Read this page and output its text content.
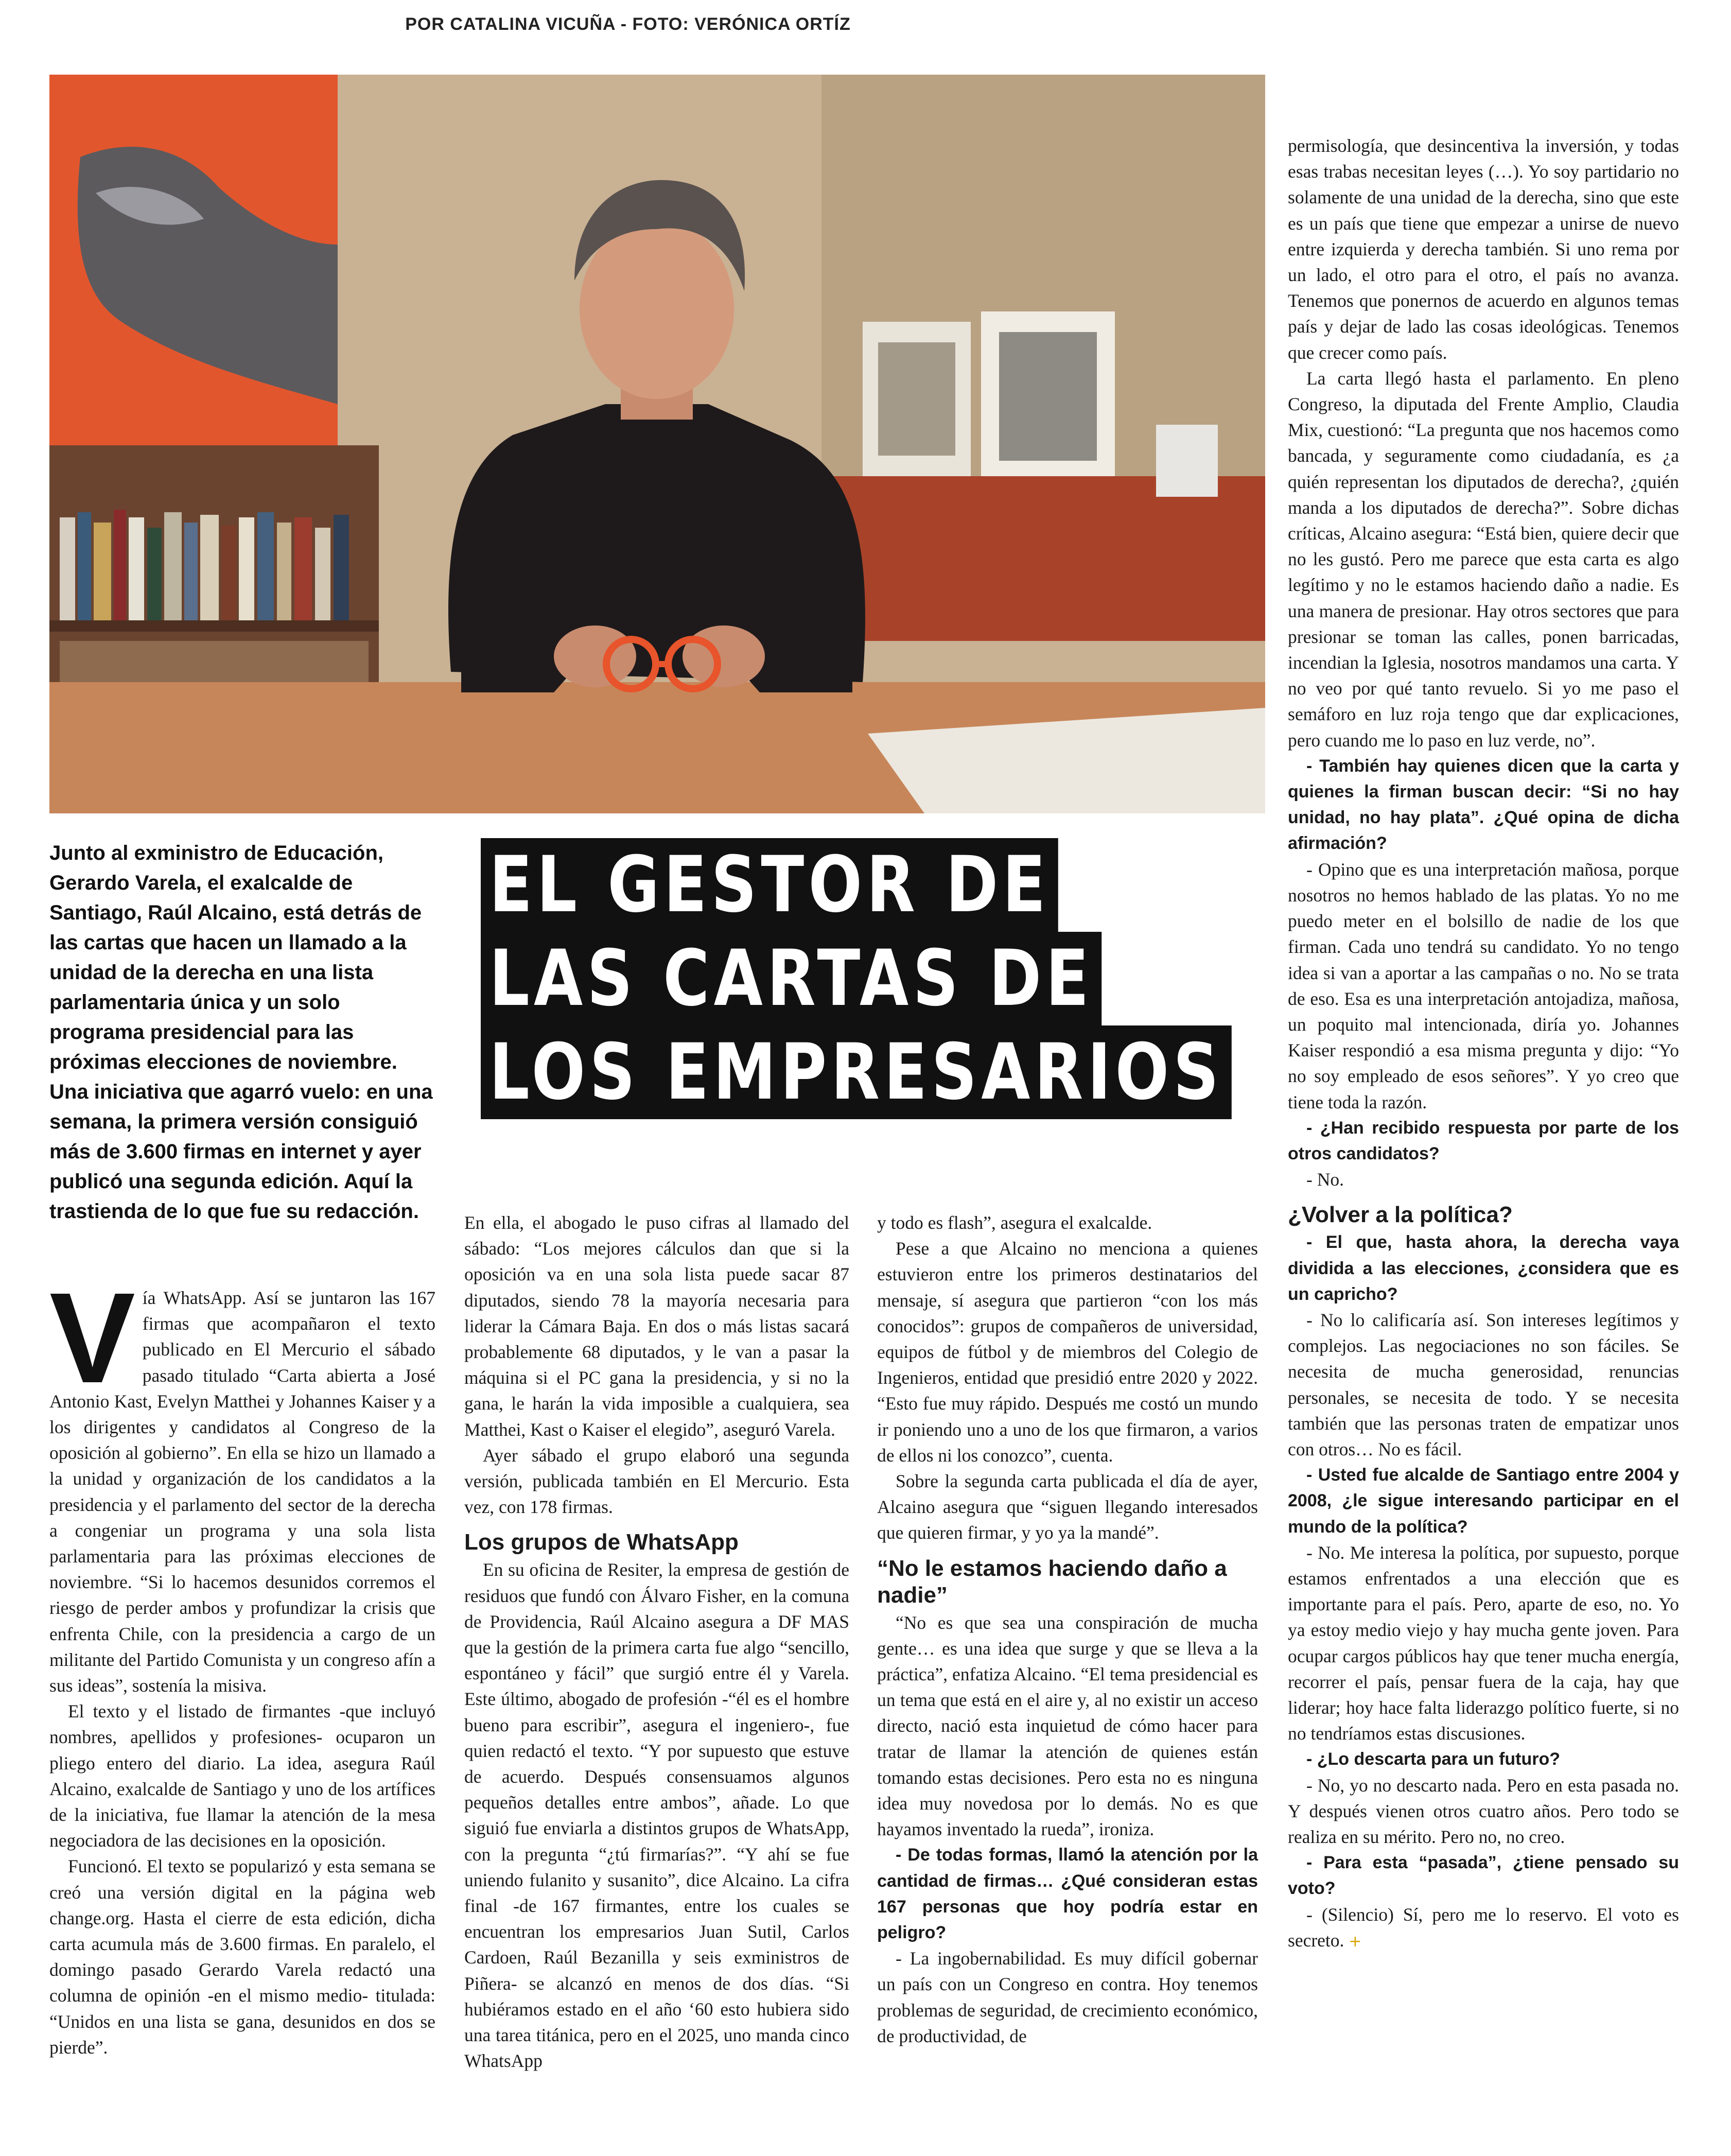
POR CATALINA VICUÑA - FOTO: VERÓNICA ORTÍZ
Junto al exministro de Educación, Gerardo Varela, el exalcalde de Santiago, Raúl Alcaino, está detrás de las cartas que hacen un llamado a la unidad de la derecha en una lista parlamentaria única y un solo programa presidencial para las próximas elecciones de noviembre. Una iniciativa que agarró vuelo: en una semana, la primera versión consiguió más de 3.600 firmas en internet y ayer publicó una segunda edición. Aquí la trastienda de lo que fue su redacción.
EL GESTOR DE
LAS CARTAS DE
LOS EMPRESARIOS
V ía WhatsApp. Así se juntaron las 167 firmas que acompañaron el texto publicado en El Mercurio el sábado pasado titulado “Carta abierta a José Antonio Kast, Evelyn Matthei y Johannes Kaiser y a los dirigentes y candidatos al Congreso de la oposición al gobierno”. En ella se hizo un llamado a la unidad y organización de los candidatos a la presidencia y el parlamento del sector de la derecha a congeniar un programa y una sola lista parlamentaria para las próximas elecciones de noviembre. “Si lo hacemos desunidos corremos el riesgo de perder ambos y profundizar la crisis que enfrenta Chile, con la presidencia a cargo de un militante del Partido Comunista y un congreso afín a sus ideas”, sostenía la misiva.

El texto y el listado de firmantes -que incluyó nombres, apellidos y profesiones- ocuparon un pliego entero del diario. La idea, asegura Raúl Alcaino, exalcalde de Santiago y uno de los artífices de la iniciativa, fue llamar la atención de la mesa negociadora de las decisiones en la oposición.

Funcionó. El texto se popularizó y esta semana se creó una versión digital en la página web change.org. Hasta el cierre de esta edición, dicha carta acumula más de 3.600 firmas. En paralelo, el domingo pasado Gerardo Varela redactó una columna de opinión -en el mismo medio- titulada: “Unidos en una lista se gana, desunidos en dos se pierde”.

En ella, el abogado le puso cifras al llamado del sábado: “Los mejores cálculos dan que si la oposición va en una sola lista puede sacar 87 diputados, siendo 78 la mayoría necesaria para liderar la Cámara Baja. En dos o más listas sacará probablemente 68 diputados, y le van a pasar la máquina si el PC gana la presidencia, y si no la gana, le harán la vida imposible a cualquiera, sea Matthei, Kast o Kaiser el elegido”, aseguró Varela.

Ayer sábado el grupo elaboró una segunda versión, publicada también en El Mercurio. Esta vez, con 178 firmas.

Los grupos de WhatsApp

En su oficina de Resiter, la empresa de gestión de residuos que fundó con Álvaro Fisher, en la comuna de Providencia, Raúl Alcaino asegura a DF MAS que la gestión de la primera carta fue algo “sencillo, espontáneo y fácil” que surgió entre él y Varela. Este último, abogado de profesión -“él es el hombre bueno para escribir”, asegura el ingeniero-, fue quien redactó el texto. “Y por supuesto que estuve de acuerdo. Después consensuamos algunos pequeños detalles entre ambos”, añade. Lo que siguió fue enviarla a distintos grupos de WhatsApp, con la pregunta “¿tú firmarías?”. “Y ahí se fue uniendo fulanito y susanito”, dice Alcaino. La cifra final -de 167 firmantes, entre los cuales se encuentran los empresarios Juan Sutil, Carlos Cardoen, Raúl Bezanilla y seis exministros de Piñera- se alcanzó en menos de dos días. “Si hubiéramos estado en el año ‘60 esto hubiera sido una tarea titánica, pero en el 2025, uno manda cinco WhatsApp

y todo es flash”, asegura el exalcalde.

Pese a que Alcaino no menciona a quienes estuvieron entre los primeros destinatarios del mensaje, sí asegura que partieron “con los más conocidos”: grupos de compañeros de universidad, equipos de fútbol y de miembros del Colegio de Ingenieros, entidad que presidió entre 2020 y 2022. “Esto fue muy rápido. Después me costó un mundo ir poniendo uno a uno de los que firmaron, a varios de ellos ni los conozco”, cuenta.

Sobre la segunda carta publicada el día de ayer, Alcaino asegura que “siguen llegando interesados que quieren firmar, y yo ya la mandé”.

“No le estamos haciendo daño a nadie”

“No es que sea una conspiración de mucha gente… es una idea que surge y que se lleva a la práctica”, enfatiza Alcaino. “El tema presidencial es un tema que está en el aire y, al no existir un acceso directo, nació esta inquietud de cómo hacer para tratar de llamar la atención de quienes están tomando estas decisiones. Pero esta no es ninguna idea muy novedosa por lo demás. No es que hayamos inventado la rueda”, ironiza.

- De todas formas, llamó la atención por la cantidad de firmas… ¿Qué consideran estas 167 personas que hoy podría estar en peligro?

- La ingobernabilidad. Es muy difícil gobernar un país con un Congreso en contra. Hoy tenemos problemas de seguridad, de crecimiento económico, de productividad, de

permisología, que desincentiva la inversión, y todas esas trabas necesitan leyes (…). Yo soy partidario no solamente de una unidad de la derecha, sino que este es un país que tiene que empezar a unirse de nuevo entre izquierda y derecha también. Si uno rema por un lado, el otro para el otro, el país no avanza. Tenemos que ponernos de acuerdo en algunos temas país y dejar de lado las cosas ideológicas. Tenemos que crecer como país.

La carta llegó hasta el parlamento. En pleno Congreso, la diputada del Frente Amplio, Claudia Mix, cuestionó: “La pregunta que nos hacemos como bancada, y seguramente como ciudadanía, es ¿a quién representan los diputados de derecha?, ¿quién manda a los diputados de derecha?”. Sobre dichas críticas, Alcaino asegura: “Está bien, quiere decir que no les gustó. Pero me parece que esta carta es algo legítimo y no le estamos haciendo daño a nadie. Es una manera de presionar. Hay otros sectores que para presionar se toman las calles, ponen barricadas, incendian la Iglesia, nosotros mandamos una carta. Y no veo por qué tanto revuelo. Si yo me paso el semáforo en luz roja tengo que dar explicaciones, pero cuando me lo paso en luz verde, no”.

- También hay quienes dicen que la carta y quienes la firman buscan decir: “Si no hay unidad, no hay plata”. ¿Qué opina de dicha afirmación?

- Opino que es una interpretación mañosa, porque nosotros no hemos hablado de las platas. Yo no me puedo meter en el bolsillo de nadie de los que firman. Cada uno tendrá su candidato. Yo no tengo idea si van a aportar a las campañas o no. No se trata de eso. Esa es una interpretación antojadiza, mañosa, un poquito mal intencionada, diría yo. Johannes Kaiser respondió a esa misma pregunta y dijo: “Yo no soy empleado de esos señores”. Y yo creo que tiene toda la razón.

- ¿Han recibido respuesta por parte de los otros candidatos?

- No.

¿Volver a la política?

- El que, hasta ahora, la derecha vaya dividida a las elecciones, ¿considera que es un capricho?

- No lo calificaría así. Son intereses legítimos y complejos. Las negociaciones no son fáciles. Se necesita de mucha generosidad, renuncias personales, se necesita de todo. Y se necesita también que las personas traten de empatizar unos con otros… No es fácil.

- Usted fue alcalde de Santiago entre 2004 y 2008, ¿le sigue interesando participar en el mundo de la política?

- No. Me interesa la política, por supuesto, porque estamos enfrentados a una elección que es importante para el país. Pero, aparte de eso, no. Yo ya estoy medio viejo y hay mucha gente joven. Para ocupar cargos públicos hay que tener mucha energía, recorrer el país, pensar fuera de la caja, hay que liderar; hoy hace falta liderazgo político fuerte, si no no tendríamos estas discusiones.

- ¿Lo descarta para un futuro?

- No, yo no descarto nada. Pero en esta pasada no. Y después vienen otros cuatro años. Pero todo se realiza en su mérito. Pero no, no creo.

- Para esta “pasada”, ¿tiene pensado su voto?

- (Silencio) Sí, pero me lo reservo. El voto es secreto. +
